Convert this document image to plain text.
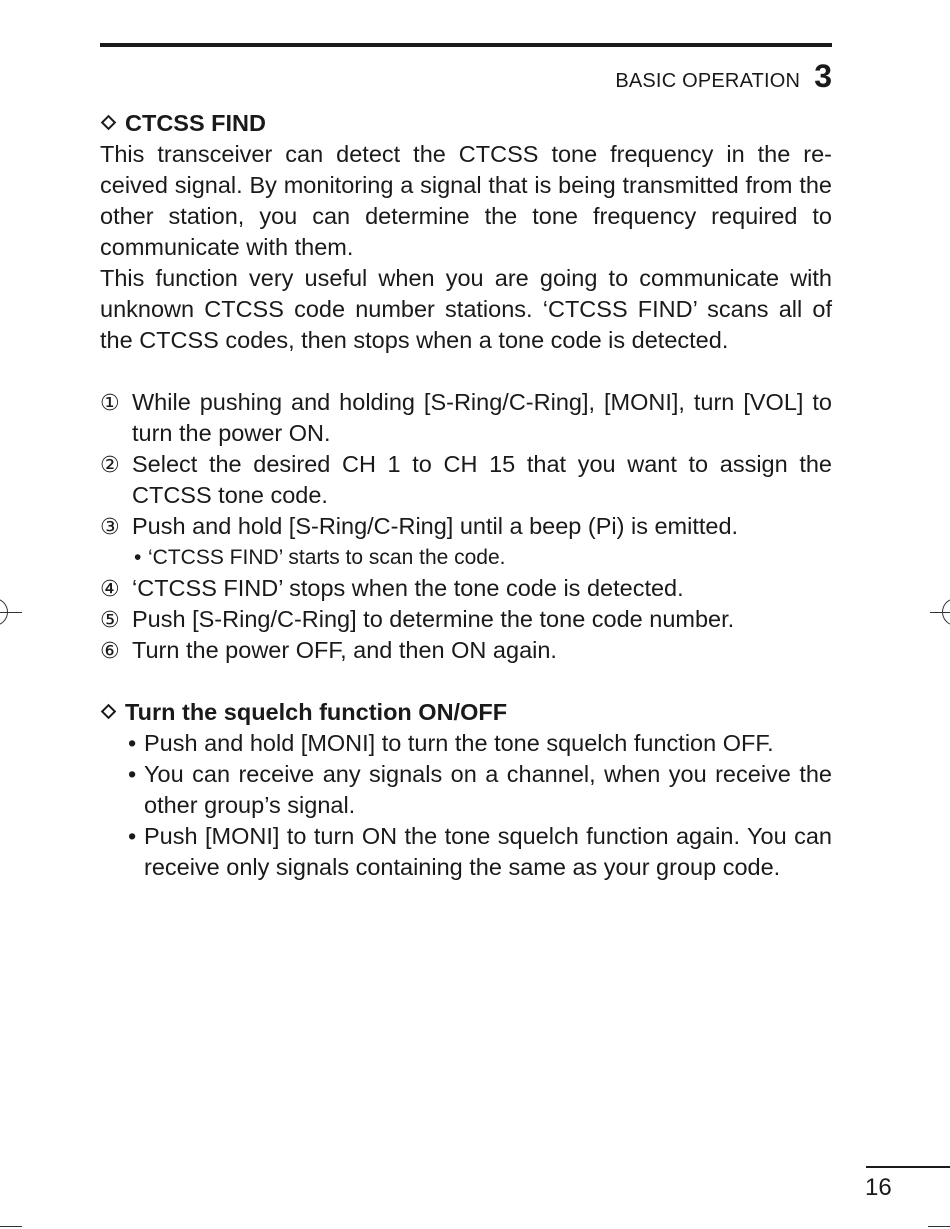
BASIC OPERATION 3
CTCSS FIND
This transceiver can detect the CTCSS tone frequency in the re-ceived signal. By monitoring a signal that is being transmitted from the other station, you can determine the tone frequency required to communicate with them.
This function very useful when you are going to communicate with unknown CTCSS code number stations. ‘CTCSS FIND’ scans all of the CTCSS codes, then stops when a tone code is detected.
① While pushing and holding [S-Ring/C-Ring], [MONI], turn [VOL] to turn the power ON.
② Select the desired CH 1 to CH 15 that you want to assign the CTCSS tone code.
③ Push and hold [S-Ring/C-Ring] until a beep (Pi) is emitted.
• ‘CTCSS FIND’ starts to scan the code.
④ ‘CTCSS FIND’ stops when the tone code is detected.
⑤ Push [S-Ring/C-Ring] to determine the tone code number.
⑥ Turn the power OFF, and then ON again.
Turn the squelch function ON/OFF
• Push and hold [MONI] to turn the tone squelch function OFF.
• You can receive any signals on a channel, when you receive the other group’s signal.
• Push [MONI] to turn ON the tone squelch function again. You can receive only signals containing the same as your group code.
16
